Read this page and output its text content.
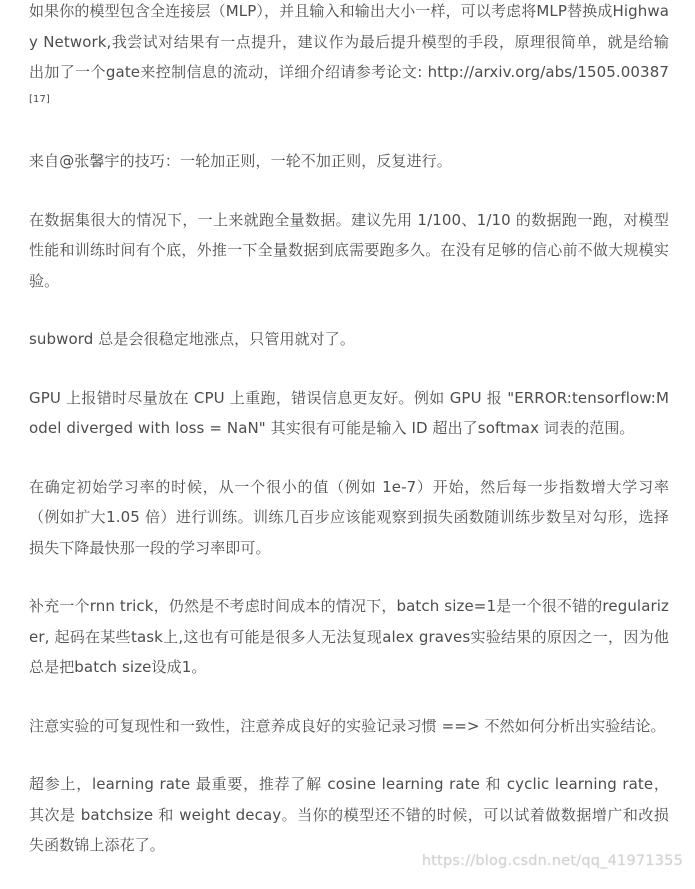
如果你的模型包含全连接层（MLP），并且输入和输出大小一样，可以考虑将MLP替换成Highway Network,我尝试对结果有一点提升，建议作为最后提升模型的手段，原理很简单，就是给输出加了一个gate来控制信息的流动，详细介绍请参考论文: http://arxiv.org/abs/1505.00387[17]

来自@张馨宇的技巧：一轮加正则，一轮不加正则，反复进行。

在数据集很大的情况下，一上来就跑全量数据。建议先用 1/100、1/10 的数据跑一跑，对模型性能和训练时间有个底，外推一下全量数据到底需要跑多久。在没有足够的信心前不做大规模实验。

subword 总是会很稳定地涨点，只管用就对了。

GPU 上报错时尽量放在 CPU 上重跑，错误信息更友好。例如 GPU 报 "ERROR:tensorflow:Model diverged with loss = NaN" 其实很有可能是输入 ID 超出了softmax 词表的范围。

在确定初始学习率的时候，从一个很小的值（例如 1e-7）开始，然后每一步指数增大学习率（例如扩大1.05 倍）进行训练。训练几百步应该能观察到损失函数随训练步数呈对勾形，选择损失下降最快那一段的学习率即可。

补充一个rnn trick，仍然是不考虑时间成本的情况下，batch size=1是一个很不错的regularizer, 起码在某些task上,这也有可能是很多人无法复现alex graves实验结果的原因之一，因为他总是把batch size设成1。

注意实验的可复现性和一致性，注意养成良好的实验记录习惯 ==> 不然如何分析出实验结论。

超参上，learning rate 最重要，推荐了解 cosine learning rate 和 cyclic learning rate，其次是 batchsize 和 weight decay。当你的模型还不错的时候，可以试着做数据增广和改损失函数锦上添花了。

https://blog.csdn.net/qq_41971355
